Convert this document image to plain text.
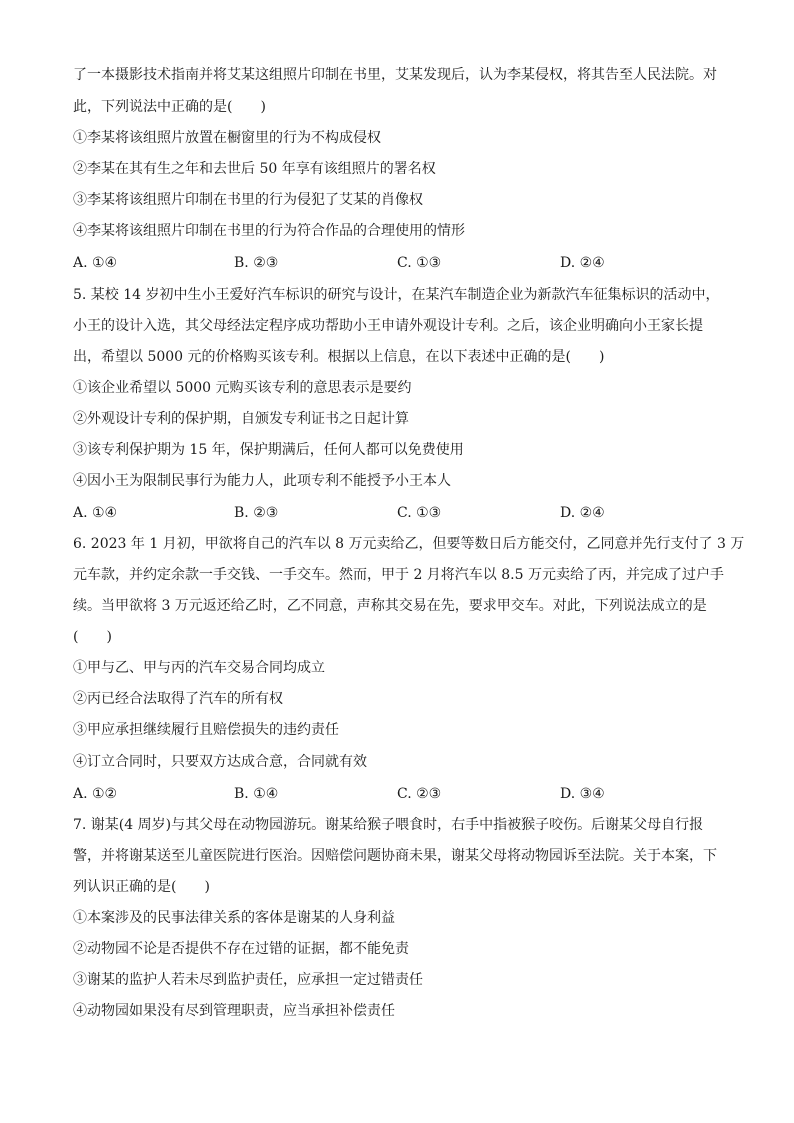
了一本摄影技术指南并将艾某这组照片印制在书里，艾某发现后，认为李某侵权，将其告至人民法院。对
此，下列说法中正确的是(　　)
①李某将该组照片放置在橱窗里的行为不构成侵权
②李某在其有生之年和去世后 50 年享有该组照片的署名权
③李某将该组照片印制在书里的行为侵犯了艾某的肖像权
④李某将该组照片印制在书里的行为符合作品的合理使用的情形
A. ①④	B. ②③	C. ①③	D. ②④
5. 某校 14 岁初中生小王爱好汽车标识的研究与设计，在某汽车制造企业为新款汽车征集标识的活动中，
小王的设计入选，其父母经法定程序成功帮助小王申请外观设计专利。之后，该企业明确向小王家长提
出，希望以 5000 元的价格购买该专利。根据以上信息，在以下表述中正确的是(　　)
①该企业希望以 5000 元购买该专利的意思表示是要约
②外观设计专利的保护期，自颁发专利证书之日起计算
③该专利保护期为 15 年，保护期满后，任何人都可以免费使用
④因小王为限制民事行为能力人，此项专利不能授予小王本人
A. ①④	B. ②③	C. ①③	D. ②④
6. 2023 年 1 月初，甲欲将自己的汽车以 8 万元卖给乙，但要等数日后方能交付，乙同意并先行支付了 3 万
元车款，并约定余款一手交钱、一手交车。然而，甲于 2 月将汽车以 8.5 万元卖给了丙，并完成了过户手
续。当甲欲将 3 万元返还给乙时，乙不同意，声称其交易在先，要求甲交车。对此，下列说法成立的是
(　　)
①甲与乙、甲与丙的汽车交易合同均成立
②丙已经合法取得了汽车的所有权
③甲应承担继续履行且赔偿损失的违约责任
④订立合同时，只要双方达成合意，合同就有效
A. ①②	B. ①④	C. ②③	D. ③④
7. 谢某(4 周岁)与其父母在动物园游玩。谢某给猴子喂食时，右手中指被猴子咬伤。后谢某父母自行报
警，并将谢某送至儿童医院进行医治。因赔偿问题协商未果，谢某父母将动物园诉至法院。关于本案，下
列认识正确的是(　　)
①本案涉及的民事法律关系的客体是谢某的人身利益
②动物园不论是否提供不存在过错的证据，都不能免责
③谢某的监护人若未尽到监护责任，应承担一定过错责任
④动物园如果没有尽到管理职责，应当承担补偿责任
